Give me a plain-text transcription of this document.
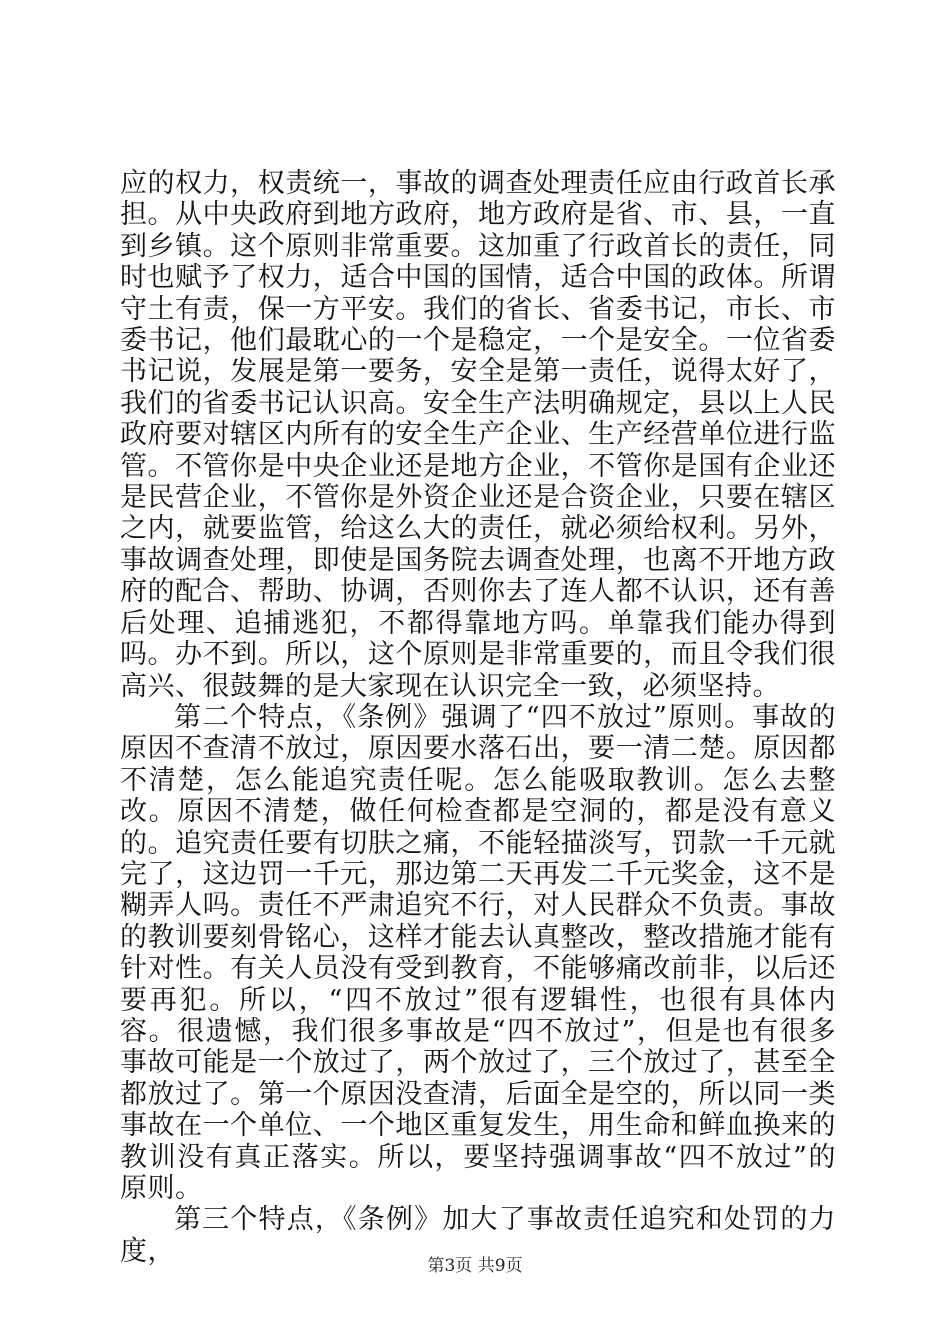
应的权力，权责统一，事故的调查处理责任应由行政首长承担。从中央政府到地方政府，地方政府是省、市、县，一直到乡镇。这个原则非常重要。这加重了行政首长的责任，同时也赋予了权力，适合中国的国情，适合中国的政体。所谓守土有责，保一方平安。我们的省长、省委书记，市长、市委书记，他们最耽心的一个是稳定，一个是安全。一位省委书记说，发展是第一要务，安全是第一责任，说得太好了，我们的省委书记认识高。安全生产法明确规定，县以上人民政府要对辖区内所有的安全生产企业、生产经营单位进行监管。不管你是中央企业还是地方企业，不管你是国有企业还是民营企业，不管你是外资企业还是合资企业，只要在辖区之内，就要监管，给这么大的责任，就必须给权利。另外，事故调查处理，即使是国务院去调查处理，也离不开地方政府的配合、帮助、协调，否则你去了连人都不认识，还有善后处理、追捕逃犯，不都得靠地方吗。单靠我们能办得到吗。办不到。所以，这个原则是非常重要的，而且令我们很高兴、很鼓舞的是大家现在认识完全一致，必须坚持。

第二个特点，《条例》强调了“四不放过”原则。事故的原因不查清不放过，原因要水落石出，要一清二楚。原因都不清楚，怎么能追究责任呢。怎么能吸取教训。怎么去整改。原因不清楚，做任何检查都是空洞的，都是没有意义的。追究责任要有切肤之痛，不能轻描淡写，罚款一千元就完了，这边罚一千元，那边第二天再发二千元奖金，这不是糊弄人吗。责任不严肃追究不行，对人民群众不负责。事故的教训要刻骨铭心，这样才能去认真整改，整改措施才能有针对性。有关人员没有受到教育，不能够痛改前非，以后还要再犯。所以，“四不放过”很有逻辑性，也很有具体内容。很遗憾，我们很多事故是“四不放过”，但是也有很多事故可能是一个放过了，两个放过了，三个放过了，甚至全都放过了。第一个原因没查清，后面全是空的，所以同一类事故在一个单位、一个地区重复发生，用生命和鲜血换来的教训没有真正落实。所以，要坚持强调事故“四不放过”的原则。

第三个特点，《条例》加大了事故责任追究和处罚的力度，	第3页 共9页
